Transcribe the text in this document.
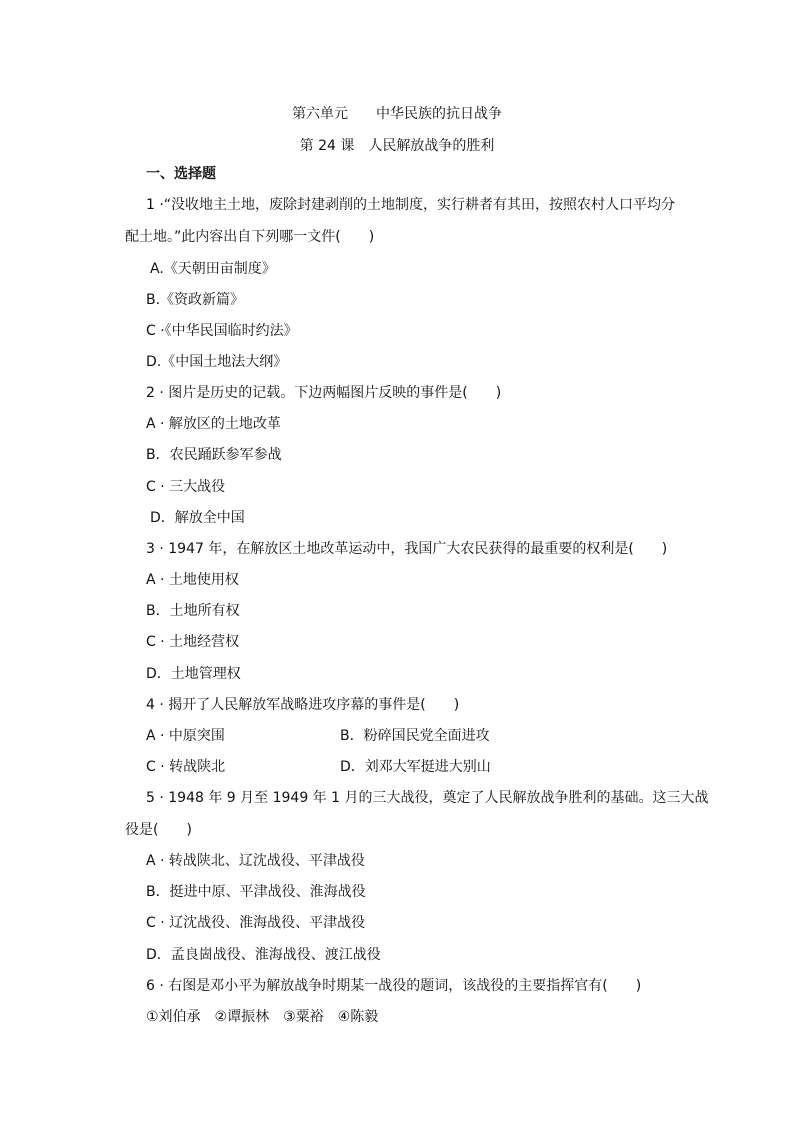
第六单元　　中华民族的抗日战争
第 24 课　人民解放战争的胜利
一、选择题
1 ·“没收地主土地，废除封建剥削的土地制度，实行耕者有其田，按照农村人口平均分
配土地。”此内容出自下列哪一文件(　　)
A.《天朝田亩制度》
B.《资政新篇》
C ·《中华民国临时约法》
D.《中国土地法大纲》
2 · 图片是历史的记载。下边两幅图片反映的事件是(　　)
A · 解放区的土地改革
B．农民踊跃参军参战
C · 三大战役
D．解放全中国
3 · 1947 年，在解放区土地改革运动中，我国广大农民获得的最重要的权利是(　　)
A · 土地使用权
B．土地所有权
C · 土地经营权
D．土地管理权
4 · 揭开了人民解放军战略进攻序幕的事件是(　　)
A · 中原突围	B．粉碎国民党全面进攻
C · 转战陕北	D．刘邓大军挺进大别山
5 · 1948 年 9 月至 1949 年 1 月的三大战役，奠定了人民解放战争胜利的基础。这三大战
役是(　　)
A · 转战陕北、辽沈战役、平津战役
B．挺进中原、平津战役、淮海战役
C · 辽沈战役、淮海战役、平津战役
D．孟良崮战役、淮海战役、渡江战役
6 · 右图是邓小平为解放战争时期某一战役的题词，该战役的主要指挥官有(　　)
①刘伯承　②谭振林　③粟裕　④陈毅
